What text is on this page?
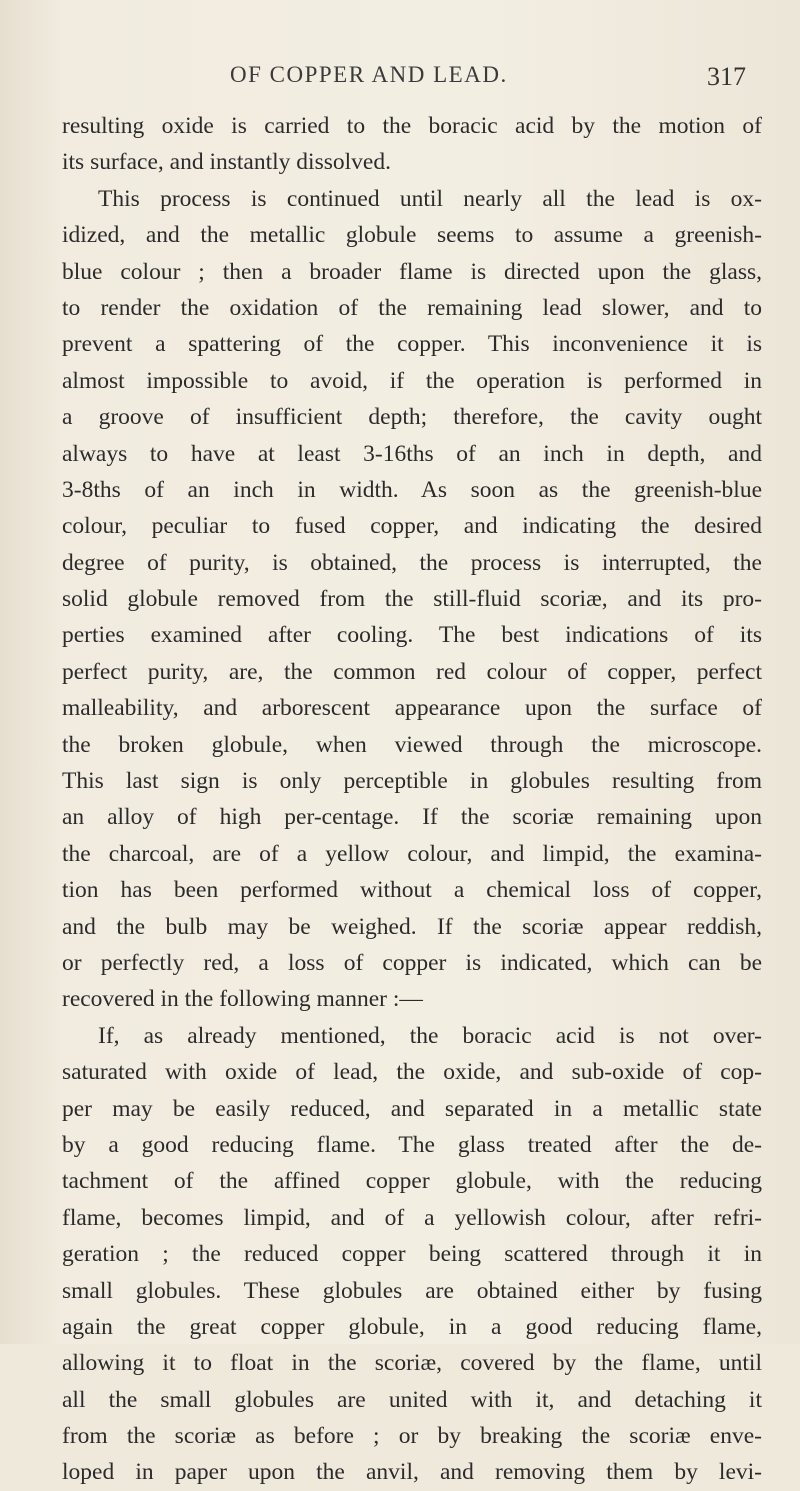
OF COPPER AND LEAD.	317
resulting oxide is carried to the boracic acid by the motion of
its surface, and instantly dissolved.
This process is continued until nearly all the lead is ox-
idized, and the metallic globule seems to assume a greenish-
blue colour ; then a broader flame is directed upon the glass,
to render the oxidation of the remaining lead slower, and to
prevent a spattering of the copper. This inconvenience it is
almost impossible to avoid, if the operation is performed in
a groove of insufficient depth; therefore, the cavity ought
always to have at least 3-16ths of an inch in depth, and
3-8ths of an inch in width. As soon as the greenish-blue
colour, peculiar to fused copper, and indicating the desired
degree of purity, is obtained, the process is interrupted, the
solid globule removed from the still-fluid scoriæ, and its pro-
perties examined after cooling. The best indications of its
perfect purity, are, the common red colour of copper, perfect
malleability, and arborescent appearance upon the surface of
the broken globule, when viewed through the microscope.
This last sign is only perceptible in globules resulting from
an alloy of high per-centage. If the scoriæ remaining upon
the charcoal, are of a yellow colour, and limpid, the examina-
tion has been performed without a chemical loss of copper,
and the bulb may be weighed. If the scoriæ appear reddish,
or perfectly red, a loss of copper is indicated, which can be
recovered in the following manner :—
If, as already mentioned, the boracic acid is not over-
saturated with oxide of lead, the oxide, and sub-oxide of cop-
per may be easily reduced, and separated in a metallic state
by a good reducing flame. The glass treated after the de-
tachment of the affined copper globule, with the reducing
flame, becomes limpid, and of a yellowish colour, after refri-
geration ; the reduced copper being scattered through it in
small globules. These globules are obtained either by fusing
again the great copper globule, in a good reducing flame,
allowing it to float in the scoriæ, covered by the flame, until
all the small globules are united with it, and detaching it
from the scoriæ as before ; or by breaking the scoriæ enve-
loped in paper upon the anvil, and removing them by levi-
